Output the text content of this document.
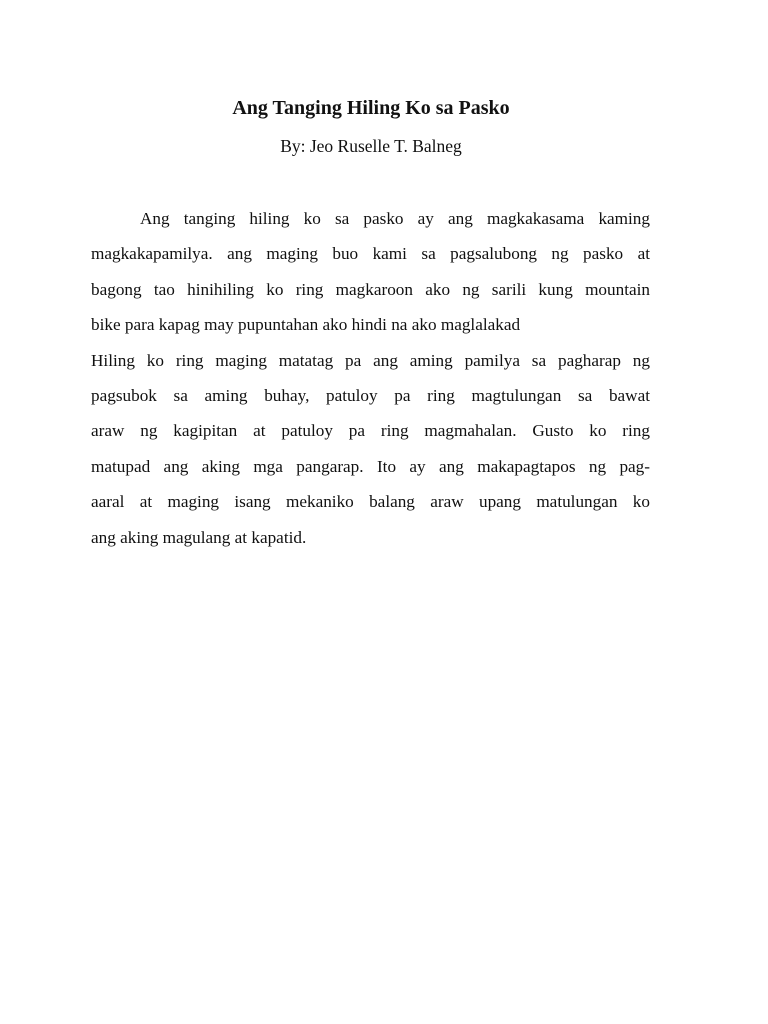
Ang Tanging Hiling Ko sa Pasko

By: Jeo Ruselle T. Balneg

Ang tanging hiling ko sa pasko ay ang magkakasama kaming
magkakapamilya. ang maging buo kami sa pagsalubong ng pasko at
bagong tao hinihiling ko ring magkaroon ako ng sarili kung mountain
bike para kapag may pupuntahan ako hindi na ako maglalakad
Hiling ko ring maging matatag pa ang aming pamilya sa pagharap ng
pagsubok sa aming buhay, patuloy pa ring magtulungan sa bawat
araw ng kagipitan at patuloy pa ring magmahalan. Gusto ko ring
matupad ang aking mga pangarap. Ito ay ang makapagtapos ng pag-
aaral at maging isang mekaniko balang araw upang matulungan ko
ang aking magulang at kapatid.
